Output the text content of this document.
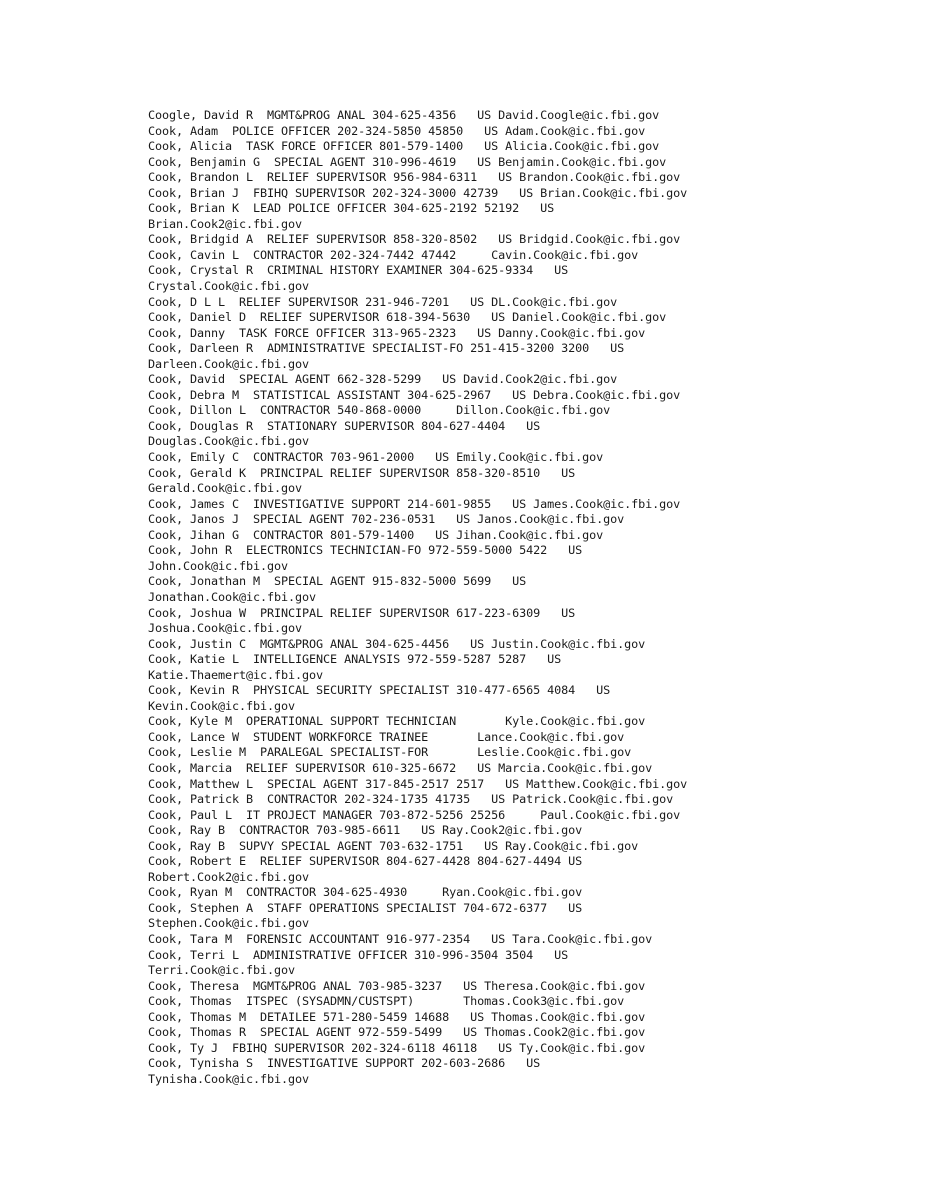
Coogle, David R  MGMT&PROG ANAL 304-625-4356   US David.Coogle@ic.fbi.gov
Cook, Adam  POLICE OFFICER 202-324-5850 45850   US Adam.Cook@ic.fbi.gov
Cook, Alicia  TASK FORCE OFFICER 801-579-1400   US Alicia.Cook@ic.fbi.gov
Cook, Benjamin G  SPECIAL AGENT 310-996-4619   US Benjamin.Cook@ic.fbi.gov
Cook, Brandon L  RELIEF SUPERVISOR 956-984-6311   US Brandon.Cook@ic.fbi.gov
Cook, Brian J  FBIHQ SUPERVISOR 202-324-3000 42739   US Brian.Cook@ic.fbi.gov
Cook, Brian K  LEAD POLICE OFFICER 304-625-2192 52192   US
Brian.Cook2@ic.fbi.gov
Cook, Bridgid A  RELIEF SUPERVISOR 858-320-8502   US Bridgid.Cook@ic.fbi.gov
Cook, Cavin L  CONTRACTOR 202-324-7442 47442     Cavin.Cook@ic.fbi.gov
Cook, Crystal R  CRIMINAL HISTORY EXAMINER 304-625-9334   US
Crystal.Cook@ic.fbi.gov
Cook, D L L  RELIEF SUPERVISOR 231-946-7201   US DL.Cook@ic.fbi.gov
Cook, Daniel D  RELIEF SUPERVISOR 618-394-5630   US Daniel.Cook@ic.fbi.gov
Cook, Danny  TASK FORCE OFFICER 313-965-2323   US Danny.Cook@ic.fbi.gov
Cook, Darleen R  ADMINISTRATIVE SPECIALIST-FO 251-415-3200 3200   US
Darleen.Cook@ic.fbi.gov
Cook, David  SPECIAL AGENT 662-328-5299   US David.Cook2@ic.fbi.gov
Cook, Debra M  STATISTICAL ASSISTANT 304-625-2967   US Debra.Cook@ic.fbi.gov
Cook, Dillon L  CONTRACTOR 540-868-0000     Dillon.Cook@ic.fbi.gov
Cook, Douglas R  STATIONARY SUPERVISOR 804-627-4404   US
Douglas.Cook@ic.fbi.gov
Cook, Emily C  CONTRACTOR 703-961-2000   US Emily.Cook@ic.fbi.gov
Cook, Gerald K  PRINCIPAL RELIEF SUPERVISOR 858-320-8510   US
Gerald.Cook@ic.fbi.gov
Cook, James C  INVESTIGATIVE SUPPORT 214-601-9855   US James.Cook@ic.fbi.gov
Cook, Janos J  SPECIAL AGENT 702-236-0531   US Janos.Cook@ic.fbi.gov
Cook, Jihan G  CONTRACTOR 801-579-1400   US Jihan.Cook@ic.fbi.gov
Cook, John R  ELECTRONICS TECHNICIAN-FO 972-559-5000 5422   US
John.Cook@ic.fbi.gov
Cook, Jonathan M  SPECIAL AGENT 915-832-5000 5699   US
Jonathan.Cook@ic.fbi.gov
Cook, Joshua W  PRINCIPAL RELIEF SUPERVISOR 617-223-6309   US
Joshua.Cook@ic.fbi.gov
Cook, Justin C  MGMT&PROG ANAL 304-625-4456   US Justin.Cook@ic.fbi.gov
Cook, Katie L  INTELLIGENCE ANALYSIS 972-559-5287 5287   US
Katie.Thaemert@ic.fbi.gov
Cook, Kevin R  PHYSICAL SECURITY SPECIALIST 310-477-6565 4084   US
Kevin.Cook@ic.fbi.gov
Cook, Kyle M  OPERATIONAL SUPPORT TECHNICIAN       Kyle.Cook@ic.fbi.gov
Cook, Lance W  STUDENT WORKFORCE TRAINEE       Lance.Cook@ic.fbi.gov
Cook, Leslie M  PARALEGAL SPECIALIST-FOR       Leslie.Cook@ic.fbi.gov
Cook, Marcia  RELIEF SUPERVISOR 610-325-6672   US Marcia.Cook@ic.fbi.gov
Cook, Matthew L  SPECIAL AGENT 317-845-2517 2517   US Matthew.Cook@ic.fbi.gov
Cook, Patrick B  CONTRACTOR 202-324-1735 41735   US Patrick.Cook@ic.fbi.gov
Cook, Paul L  IT PROJECT MANAGER 703-872-5256 25256     Paul.Cook@ic.fbi.gov
Cook, Ray B  CONTRACTOR 703-985-6611   US Ray.Cook2@ic.fbi.gov
Cook, Ray B  SUPVY SPECIAL AGENT 703-632-1751   US Ray.Cook@ic.fbi.gov
Cook, Robert E  RELIEF SUPERVISOR 804-627-4428 804-627-4494 US
Robert.Cook2@ic.fbi.gov
Cook, Ryan M  CONTRACTOR 304-625-4930     Ryan.Cook@ic.fbi.gov
Cook, Stephen A  STAFF OPERATIONS SPECIALIST 704-672-6377   US
Stephen.Cook@ic.fbi.gov
Cook, Tara M  FORENSIC ACCOUNTANT 916-977-2354   US Tara.Cook@ic.fbi.gov
Cook, Terri L  ADMINISTRATIVE OFFICER 310-996-3504 3504   US
Terri.Cook@ic.fbi.gov
Cook, Theresa  MGMT&PROG ANAL 703-985-3237   US Theresa.Cook@ic.fbi.gov
Cook, Thomas  ITSPEC (SYSADMN/CUSTSPT)       Thomas.Cook3@ic.fbi.gov
Cook, Thomas M  DETAILEE 571-280-5459 14688   US Thomas.Cook@ic.fbi.gov
Cook, Thomas R  SPECIAL AGENT 972-559-5499   US Thomas.Cook2@ic.fbi.gov
Cook, Ty J  FBIHQ SUPERVISOR 202-324-6118 46118   US Ty.Cook@ic.fbi.gov
Cook, Tynisha S  INVESTIGATIVE SUPPORT 202-603-2686   US
Tynisha.Cook@ic.fbi.gov
